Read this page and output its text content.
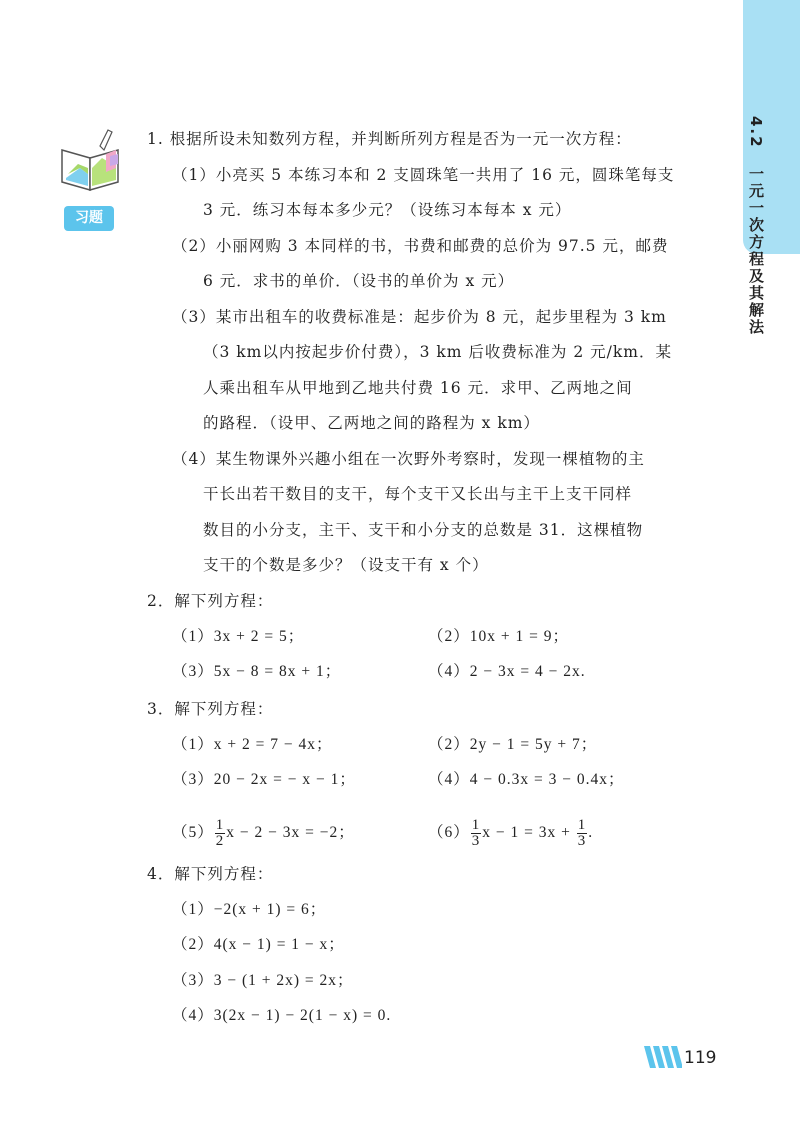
4.2　一元一次方程及其解法
习题
1. 根据所设未知数列方程，并判断所列方程是否为一元一次方程：
（1）小亮买 5 本练习本和 2 支圆珠笔一共用了 16 元，圆珠笔每支
3 元．练习本每本多少元？（设练习本每本 x 元）
（2）小丽网购 3 本同样的书，书费和邮费的总价为 97.5 元，邮费
6 元．求书的单价．（设书的单价为 x 元）
（3）某市出租车的收费标准是：起步价为 8 元，起步里程为 3 km
（3 km以内按起步价付费），3 km 后收费标准为 2 元/km．某
人乘出租车从甲地到乙地共付费 16 元．求甲、乙两地之间
的路程．（设甲、乙两地之间的路程为 x km）
（4）某生物课外兴趣小组在一次野外考察时，发现一棵植物的主
干长出若干数目的支干，每个支干又长出与主干上支干同样
数目的小分支，主干、支干和小分支的总数是 31．这棵植物
支干的个数是多少？（设支干有 x 个）
2．解下列方程：
（1）3x + 2 = 5；	（2）10x + 1 = 9；
（3）5x − 8 = 8x + 1；	（4）2 − 3x = 4 − 2x.
3．解下列方程：
（1）x + 2 = 7 − 4x；	（2）2y − 1 = 5y + 7；
（3）20 − 2x = − x − 1；	（4）4 − 0.3x = 3 − 0.4x；
$(5) \frac{1}{2}$ x − 2 − 3x = −2；	$(6) \frac{1}{3}$ $x - 1 = 3x + \frac{1}{3}$ .
4．解下列方程：
（1）−2(x + 1) = 6；
（2）4(x − 1) = 1 − x；
（3）3 − (1 + 2x) = 2x；
（4）3(2x − 1) − 2(1 − x) = 0.
119
